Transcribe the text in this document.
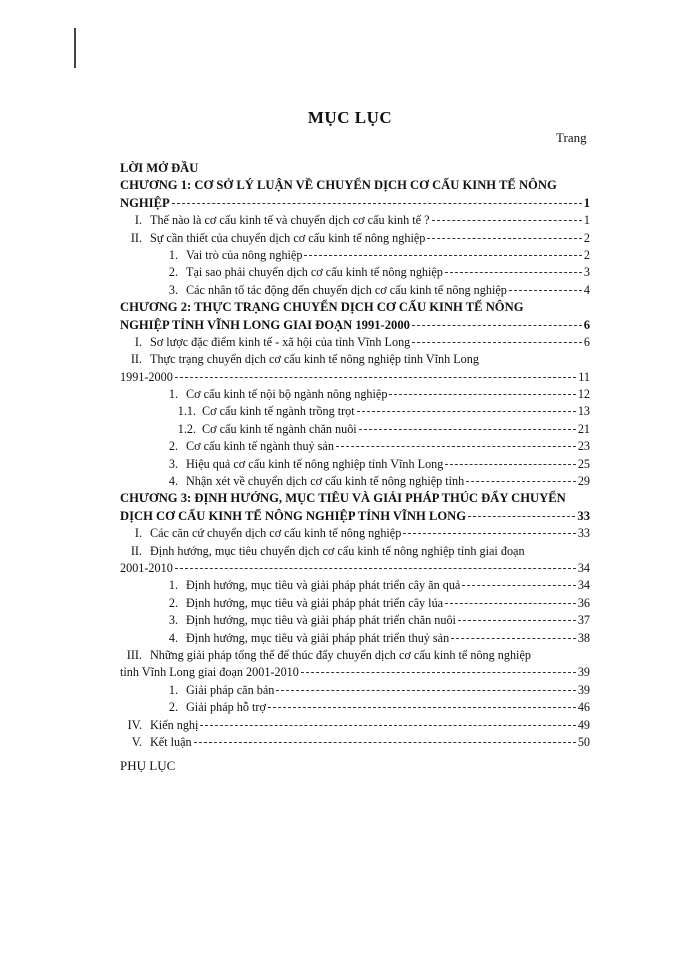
MỤC LỤC
Trang
LỜI MỞ ĐẦU
CHƯƠNG 1: CƠ SỞ LÝ LUẬN VỀ CHUYỂN DỊCH CƠ CẤU KINH TẾ NÔNG
NGHIỆP	1
I. Thế nào là cơ cấu kinh tế và chuyển dịch cơ cấu kinh tế ?	1
II. Sự cần thiết của chuyển dịch cơ cấu kinh tế nông nghiệp	2
1. Vai trò của nông nghiệp	2
2. Tại sao phải chuyển dịch cơ cấu kinh tế nông nghiệp	3
3. Các nhân tố tác động đến chuyển dịch cơ cấu kinh tế nông nghiệp	4
CHƯƠNG 2: THỰC TRẠNG CHUYỂN DỊCH CƠ CẤU KINH TẾ NÔNG
NGHIỆP TỈNH VĨNH LONG GIAI ĐOẠN 1991-2000	6
I. Sơ lược đặc điểm kinh tế - xã hội của tỉnh Vĩnh Long	6
II. Thực trạng chuyển dịch cơ cấu kinh tế nông nghiệp tỉnh Vĩnh Long
1991-2000	11
1. Cơ cấu kinh tế nội bộ ngành nông nghiệp	12
1.1. Cơ cấu kinh tế ngành trồng trọt	13
1.2. Cơ cấu kinh tế ngành chăn nuôi	21
2. Cơ cấu kinh tế ngành thuỷ sản	23
3. Hiệu quả cơ cấu kinh tế nông nghiệp tỉnh Vĩnh Long	25
4. Nhận xét về chuyển dịch cơ cấu kinh tế nông nghiệp tỉnh	29
CHƯƠNG 3: ĐỊNH HƯỚNG, MỤC TIÊU VÀ GIẢI PHÁP THÚC ĐẨY CHUYỂN
DỊCH CƠ CẤU KINH TẾ NÔNG NGHIỆP TỈNH VĨNH LONG	33
I. Các căn cứ chuyển dịch cơ cấu kinh tế nông nghiệp	33
II. Định hướng, mục tiêu chuyển dịch cơ cấu kinh tế nông nghiệp tỉnh giai đoạn
2001-2010	34
1. Định hướng, mục tiêu và giải pháp phát triển cây ăn quả	34
2. Định hướng, mục tiêu và giải pháp phát triển cây lúa	36
3. Định hướng, mục tiêu và giải pháp phát triển chăn nuôi	37
4. Định hướng, mục tiêu và giải pháp phát triển thuỷ sản	38
III. Những giải pháp tổng thể để thúc đẩy chuyển dịch cơ cấu kinh tế nông nghiệp
tỉnh Vĩnh Long giai đoạn 2001-2010	39
1. Giải pháp căn bản	39
2. Giải pháp hỗ trợ	46
IV. Kiến nghị	49
V. Kết luận	50
PHỤ LỤC
